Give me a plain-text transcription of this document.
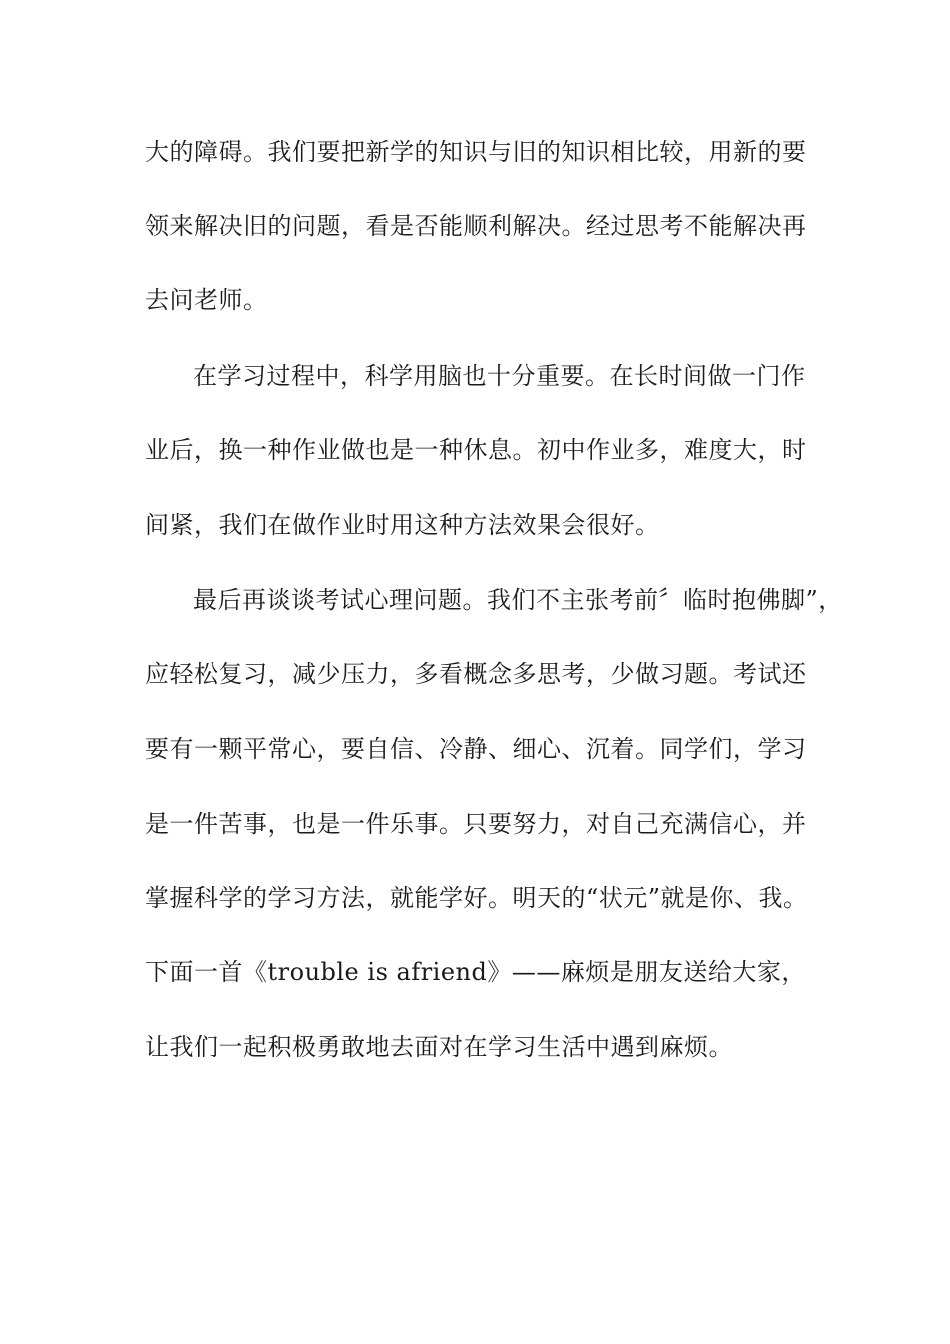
大的障碍。我们要把新学的知识与旧的知识相比较，用新的要
领来解决旧的问题，看是否能顺利解决。经过思考不能解决再
去问老师。
在学习过程中，科学用脑也十分重要。在长时间做一门作
业后，换一种作业做也是一种休息。初中作业多，难度大，时
间紧，我们在做作业时用这种方法效果会很好。
最后再谈谈考试心理问题。我们不主张考前〞临时抱佛脚”，
应轻松复习，减少压力，多看概念多思考，少做习题。考试还
要有一颗平常心，要自信、冷静、细心、沉着。同学们，学习
是一件苦事，也是一件乐事。只要努力，对自己充满信心，并
掌握科学的学习方法，就能学好。明天的“状元”就是你、我。
下面一首《trouble is afriend》——麻烦是朋友送给大家，
让我们一起积极勇敢地去面对在学习生活中遇到麻烦。
